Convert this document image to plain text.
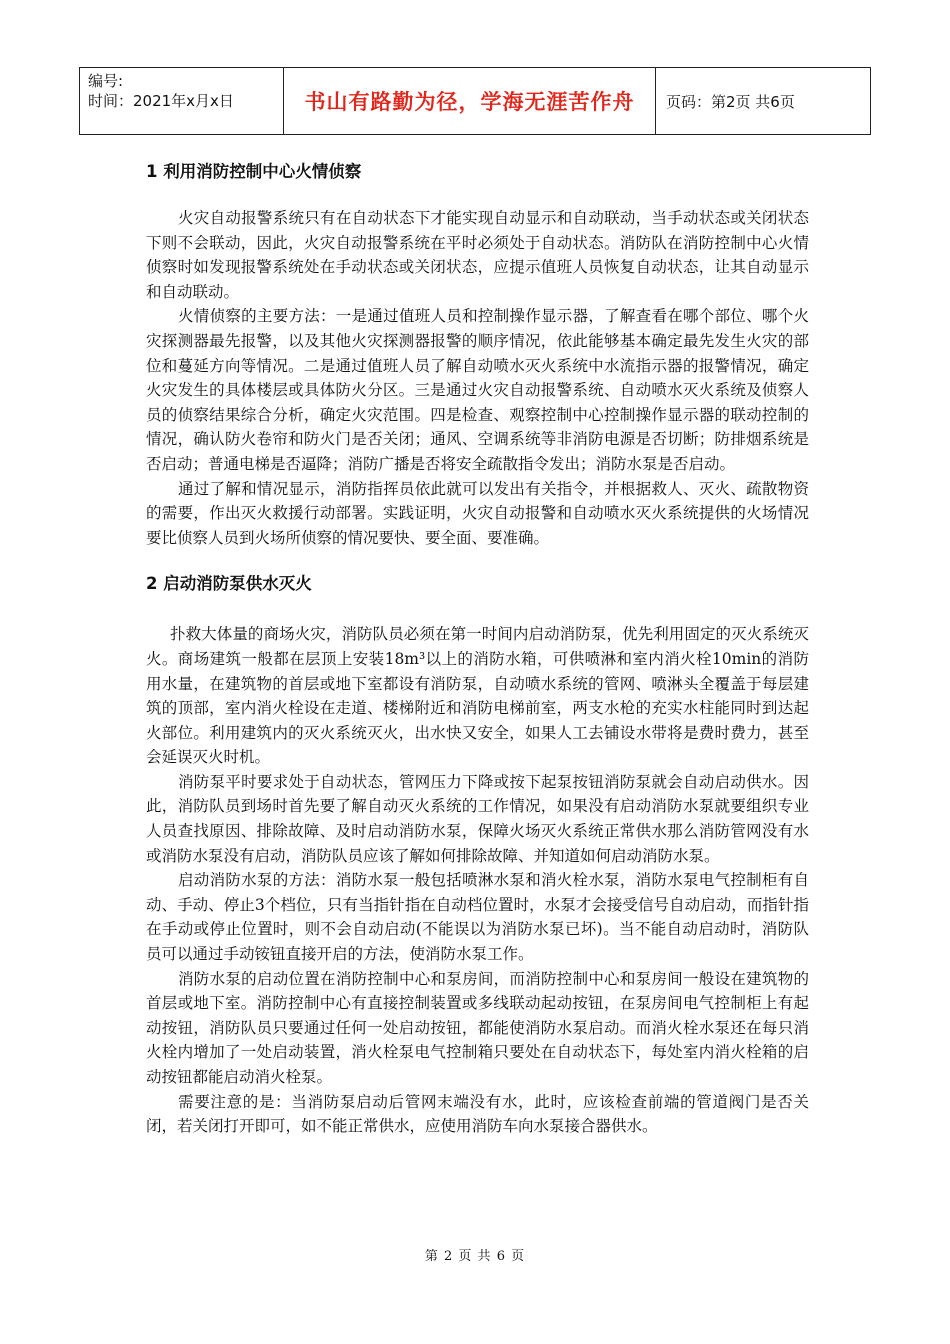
编号:
时间：2021年x月x日	书山有路勤为径，学海无涯苦作舟 页码：第2页 共6页
1 利用消防控制中心火情侦察

火灾自动报警系统只有在自动状态下才能实现自动显示和自动联动，当手动状态或关闭状态下则不会联动，因此，火灾自动报警系统在平时必须处于自动状态。消防队在消防控制中心火情侦察时如发现报警系统处在手动状态或关闭状态，应提示值班人员恢复自动状态，让其自动显示和自动联动。

火情侦察的主要方法：一是通过值班人员和控制操作显示器，了解查看在哪个部位、哪个火灾探测器最先报警，以及其他火灾探测器报警的顺序情况，依此能够基本确定最先发生火灾的部位和蔓延方向等情况。二是通过值班人员了解自动喷水灭火系统中水流指示器的报警情况，确定火灾发生的具体楼层或具体防火分区。三是通过火灾自动报警系统、自动喷水灭火系统及侦察人员的侦察结果综合分析，确定火灾范围。四是检查、观察控制中心控制操作显示器的联动控制的情况，确认防火卷帘和防火门是否关闭；通风、空调系统等非消防电源是否切断；防排烟系统是否启动；普通电梯是否逼降；消防广播是否将安全疏散指令发出；消防水泵是否启动。

通过了解和情况显示，消防指挥员依此就可以发出有关指令，并根据救人、灭火、疏散物资的需要，作出灭火救援行动部署。实践证明，火灾自动报警和自动喷水灭火系统提供的火场情况要比侦察人员到火场所侦察的情况要快、要全面、要准确。

2 启动消防泵供水灭火

扑救大体量的商场火灾，消防队员必须在第一时间内启动消防泵，优先利用固定的灭火系统灭火。商场建筑一般都在层顶上安装18m³以上的消防水箱，可供喷淋和室内消火栓10min的消防用水量，在建筑物的首层或地下室都设有消防泵，自动喷水系统的管网、喷淋头全覆盖于每层建筑的顶部，室内消火栓设在走道、楼梯附近和消防电梯前室，两支水枪的充实水柱能同时到达起火部位。利用建筑内的灭火系统灭火，出水快又安全，如果人工去铺设水带将是费时费力，甚至会延误灭火时机。

消防泵平时要求处于自动状态，管网压力下降或按下起泵按钮消防泵就会自动启动供水。因此，消防队员到场时首先要了解自动灭火系统的工作情况，如果没有启动消防水泵就要组织专业人员查找原因、排除故障、及时启动消防水泵，保障火场灭火系统正常供水那么消防管网没有水或消防水泵没有启动，消防队员应该了解如何排除故障、并知道如何启动消防水泵。

启动消防水泵的方法：消防水泵一般包括喷淋水泵和消火栓水泵，消防水泵电气控制柜有自动、手动、停止3个档位，只有当指针指在自动档位置时，水泵才会接受信号自动启动，而指针指在手动或停止位置时，则不会自动启动(不能误以为消防水泵已坏)。当不能自动启动时，消防队员可以通过手动铵钮直接开启的方法，使消防水泵工作。

消防水泵的启动位置在消防控制中心和泵房间，而消防控制中心和泵房间一般设在建筑物的首层或地下室。消防控制中心有直接控制装置或多线联动起动按钮，在泵房间电气控制柜上有起动按钮，消防队员只要通过任何一处启动按钮，都能使消防水泵启动。而消火栓水泵还在每只消火栓内增加了一处启动装置，消火栓泵电气控制箱只要处在自动状态下，每处室内消火栓箱的启动按钮都能启动消火栓泵。

需要注意的是：当消防泵启动后管网末端没有水，此时，应该检查前端的管道阀门是否关闭，若关闭打开即可，如不能正常供水，应使用消防车向水泵接合器供水。

第 2 页 共 6 页
